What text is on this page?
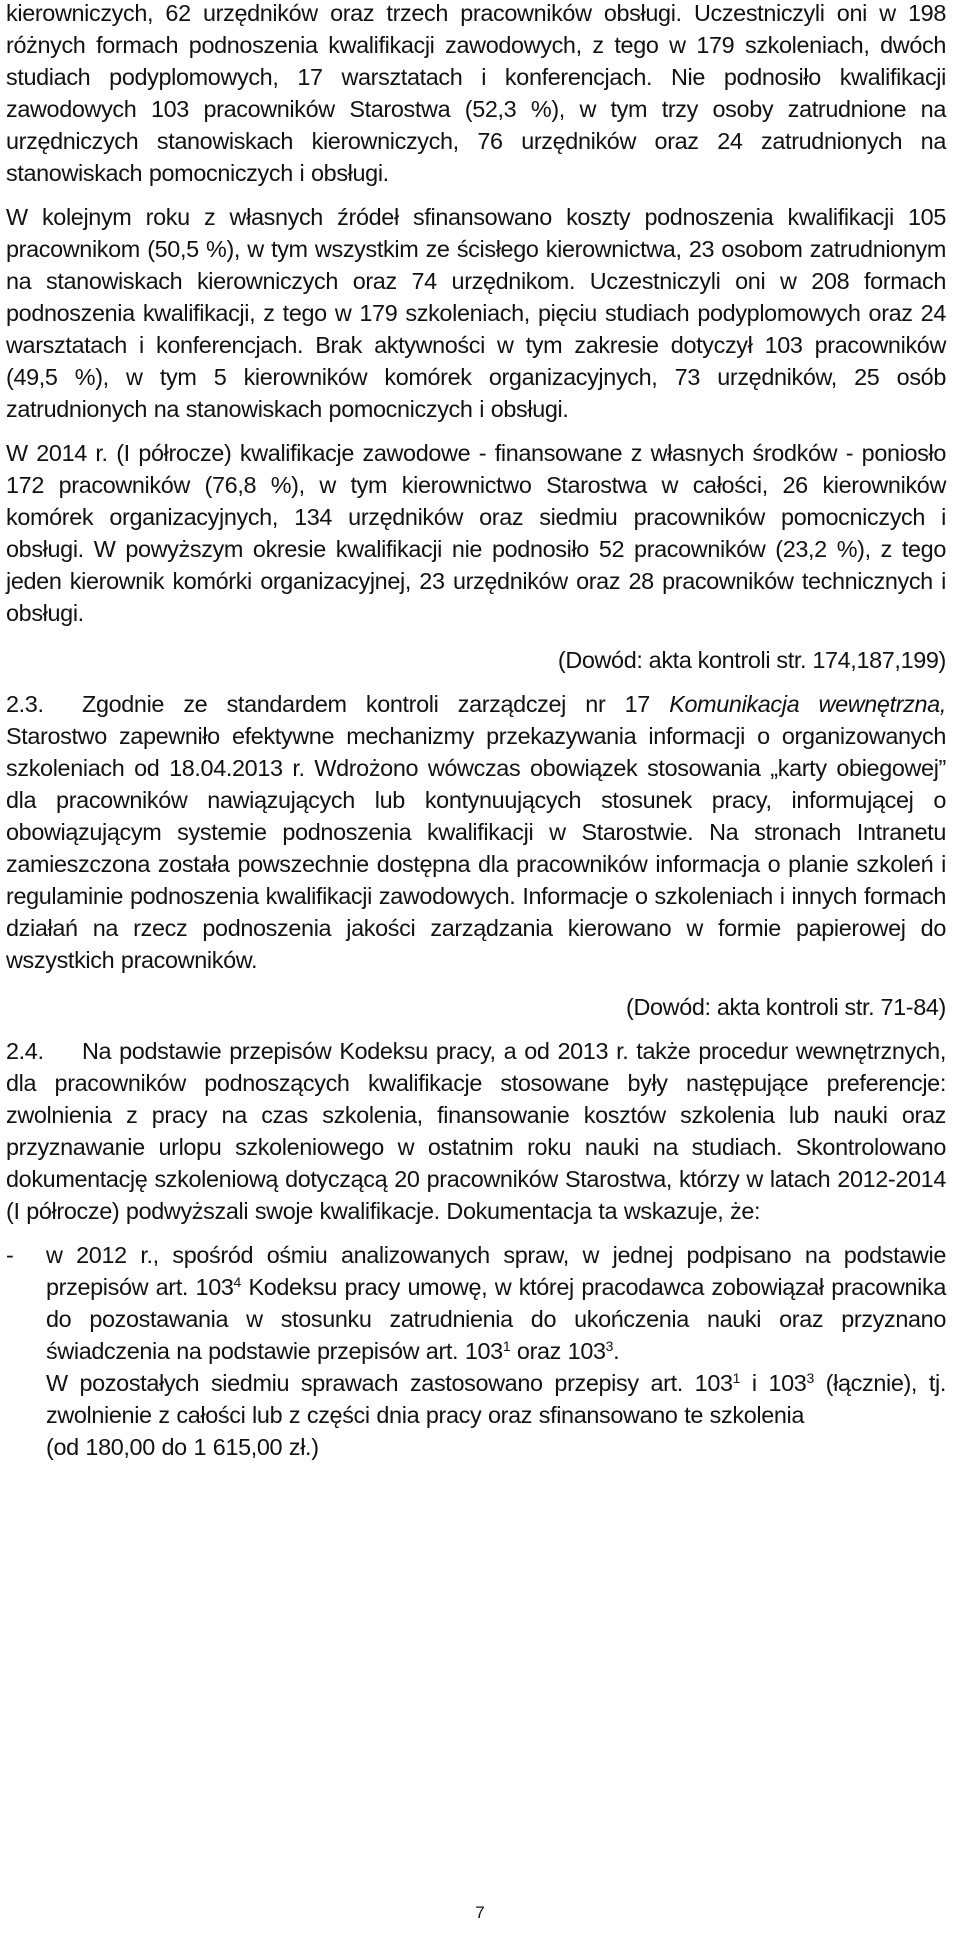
kierowniczych, 62 urzędników oraz trzech pracowników obsługi. Uczestniczyli oni w 198 różnych formach podnoszenia kwalifikacji zawodowych, z tego w 179 szkoleniach, dwóch studiach podyplomowych, 17 warsztatach i konferencjach. Nie podnosiło kwalifikacji zawodowych 103 pracowników Starostwa (52,3 %), w tym trzy osoby zatrudnione na urzędniczych stanowiskach kierowniczych, 76 urzędników oraz 24 zatrudnionych na stanowiskach pomocniczych i obsługi.

W kolejnym roku z własnych źródeł sfinansowano koszty podnoszenia kwalifikacji 105 pracownikom (50,5 %), w tym wszystkim ze ścisłego kierownictwa, 23 osobom zatrudnionym na stanowiskach kierowniczych oraz 74 urzędnikom. Uczestniczyli oni w 208 formach podnoszenia kwalifikacji, z tego w 179 szkoleniach, pięciu studiach podyplomowych oraz 24 warsztatach i konferencjach. Brak aktywności w tym zakresie dotyczył 103 pracowników (49,5 %), w tym 5 kierowników komórek organizacyjnych, 73 urzędników, 25 osób zatrudnionych na stanowiskach pomocniczych i obsługi.

W 2014 r. (I półrocze) kwalifikacje zawodowe - finansowane z własnych środków - poniosło 172 pracowników (76,8 %), w tym kierownictwo Starostwa w całości, 26 kierowników komórek organizacyjnych, 134 urzędników oraz siedmiu pracowników pomocniczych i obsługi. W powyższym okresie kwalifikacji nie podnosiło 52 pracowników (23,2 %), z tego jeden kierownik komórki organizacyjnej, 23 urzędników oraz 28 pracowników technicznych i obsługi.

(Dowód: akta kontroli str. 174,187,199)

2.3. Zgodnie ze standardem kontroli zarządczej nr 17 Komunikacja wewnętrzna, Starostwo zapewniło efektywne mechanizmy przekazywania informacji o organizowanych szkoleniach od 18.04.2013 r. Wdrożono wówczas obowiązek stosowania „karty obiegowej” dla pracowników nawiązujących lub kontynuujących stosunek pracy, informującej o obowiązującym systemie podnoszenia kwalifikacji w Starostwie. Na stronach Intranetu zamieszczona została powszechnie dostępna dla pracowników informacja o planie szkoleń i regulaminie podnoszenia kwalifikacji zawodowych. Informacje o szkoleniach i innych formach działań na rzecz podnoszenia jakości zarządzania kierowano w formie papierowej do wszystkich pracowników.

(Dowód: akta kontroli str. 71-84)

2.4. Na podstawie przepisów Kodeksu pracy, a od 2013 r. także procedur wewnętrznych, dla pracowników podnoszących kwalifikacje stosowane były następujące preferencje: zwolnienia z pracy na czas szkolenia, finansowanie kosztów szkolenia lub nauki oraz przyznawanie urlopu szkoleniowego w ostatnim roku nauki na studiach. Skontrolowano dokumentację szkoleniową dotyczącą 20 pracowników Starostwa, którzy w latach 2012-2014 (I półrocze) podwyższali swoje kwalifikacje. Dokumentacja ta wskazuje, że:

-	w 2012 r., spośród ośmiu analizowanych spraw, w jednej podpisano na podstawie przepisów art. $103^4$ Kodeksu pracy umowę, w której pracodawca zobowiązał pracownika do pozostawania w stosunku zatrudnienia do ukończenia nauki oraz przyznano świadczenia na podstawie przepisów art. $103^1$ oraz $103^3$.

W pozostałych siedmiu sprawach zastosowano przepisy art. $103^1$ i $103^3$ (łącznie), tj. zwolnienie z całości lub z części dnia pracy oraz sfinansowano te szkolenia

(od 180,00 do 1 615,00 zł.)

7
